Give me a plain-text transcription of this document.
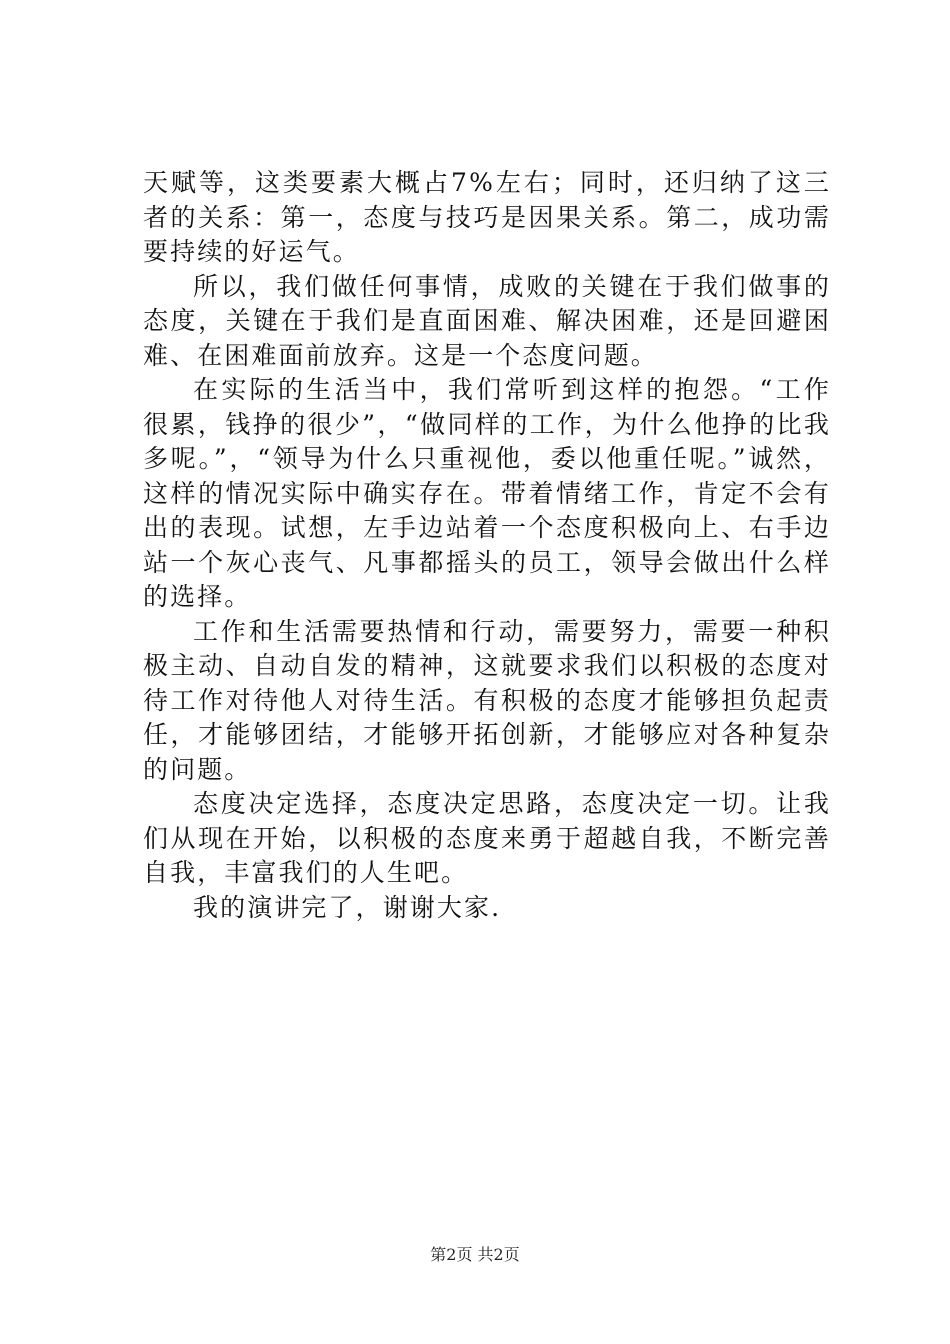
天赋等，这类要素大概占7%左右；同时，还归纳了这三者的关系：第一，态度与技巧是因果关系。第二，成功需要持续的好运气。

所以，我们做任何事情，成败的关键在于我们做事的态度，关键在于我们是直面困难、解决困难，还是回避困难、在困难面前放弃。这是一个态度问题。

在实际的生活当中，我们常听到这样的抱怨。“工作很累，钱挣的很少”，“做同样的工作，为什么他挣的比我多呢。”，“领导为什么只重视他，委以他重任呢。”诚然，这样的情况实际中确实存在。带着情绪工作，肯定不会有出的表现。试想，左手边站着一个态度积极向上、右手边站一个灰心丧气、凡事都摇头的员工，领导会做出什么样的选择。

工作和生活需要热情和行动，需要努力，需要一种积极主动、自动自发的精神，这就要求我们以积极的态度对待工作对待他人对待生活。有积极的态度才能够担负起责任，才能够团结，才能够开拓创新，才能够应对各种复杂的问题。

态度决定选择，态度决定思路，态度决定一切。让我们从现在开始，以积极的态度来勇于超越自我，不断完善自我，丰富我们的人生吧。

我的演讲完了，谢谢大家.

第2页 共2页
